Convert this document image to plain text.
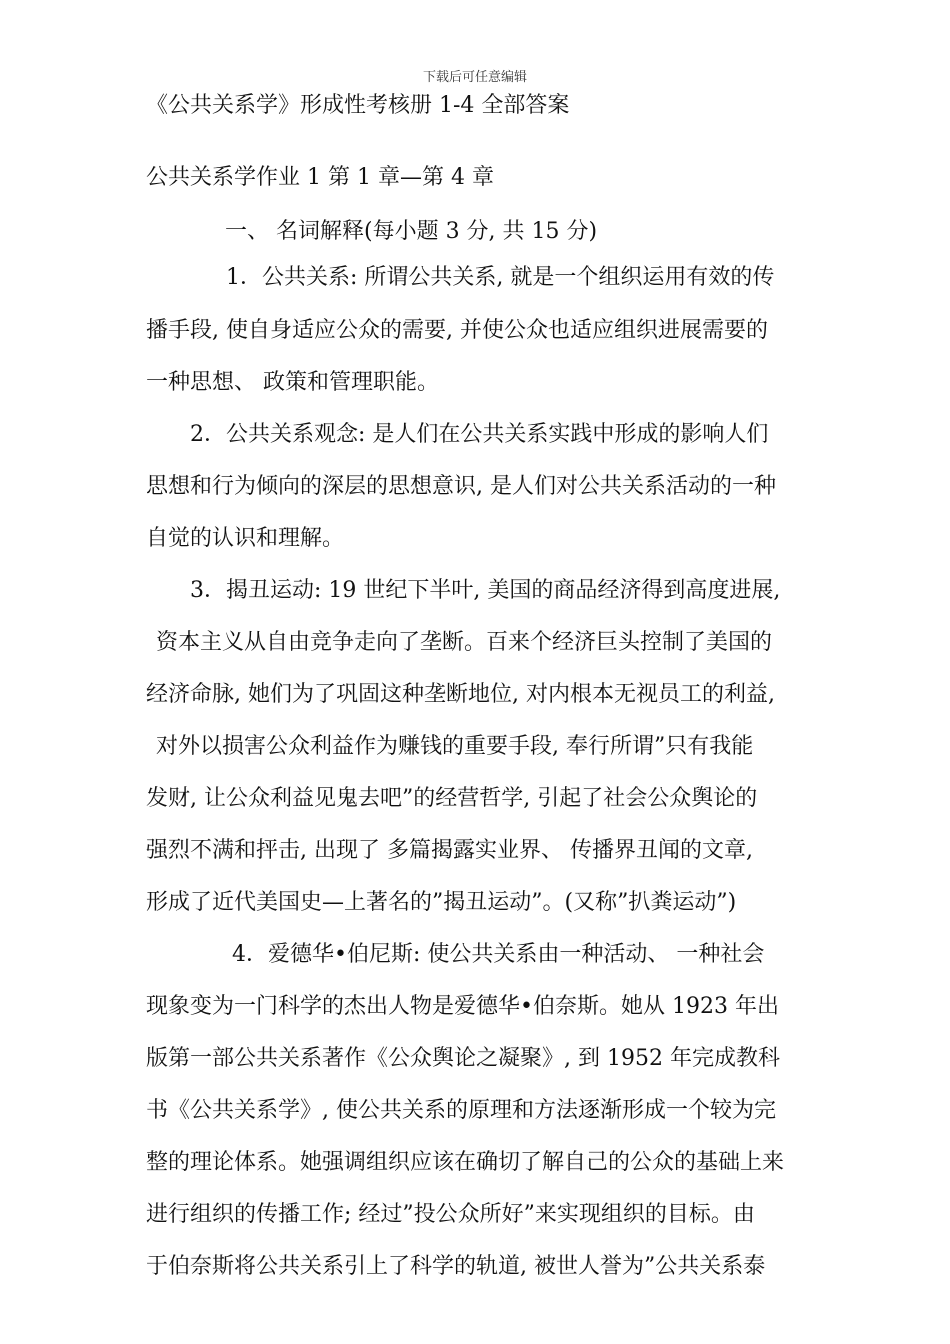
下载后可任意编辑
《公共关系学》形成性考核册 1-4 全部答案
公共关系学作业 1 第 1 章—第 4 章
一、 名词解释(每小题 3 分, 共 15 分)
1．公共关系: 所谓公共关系, 就是一个组织运用有效的传
播手段, 使自身适应公众的需要, 并使公众也适应组织进展需要的
一种思想、 政策和管理职能。
2．公共关系观念: 是人们在公共关系实践中形成的影响人们
思想和行为倾向的深层的思想意识, 是人们对公共关系活动的一种
自觉的认识和理解。
3．揭丑运动: 19 世纪下半叶, 美国的商品经济得到高度进展,
资本主义从自由竞争走向了垄断。百来个经济巨头控制了美国的
经济命脉, 她们为了巩固这种垄断地位, 对内根本无视员工的利益,
对外以损害公众利益作为赚钱的重要手段, 奉行所谓”只有我能
发财, 让公众利益见鬼去吧”的经营哲学, 引起了社会公众舆论的
强烈不满和抨击, 出现了 多篇揭露实业界、 传播界丑闻的文章,
形成了近代美国史—上著名的”揭丑运动”。(又称”扒粪运动”)
4．爱德华•伯尼斯: 使公共关系由一种活动、 一种社会
现象变为一门科学的杰出人物是爱德华•伯奈斯。她从 1923 年出
版第一部公共关系著作《公众舆论之凝聚》, 到 1952 年完成教科
书《公共关系学》, 使公共关系的原理和方法逐渐形成一个较为完
整的理论体系。她强调组织应该在确切了解自己的公众的基础上来
进行组织的传播工作; 经过”投公众所好”来实现组织的目标。由
于伯奈斯将公共关系引上了科学的轨道, 被世人誉为”公共关系泰
